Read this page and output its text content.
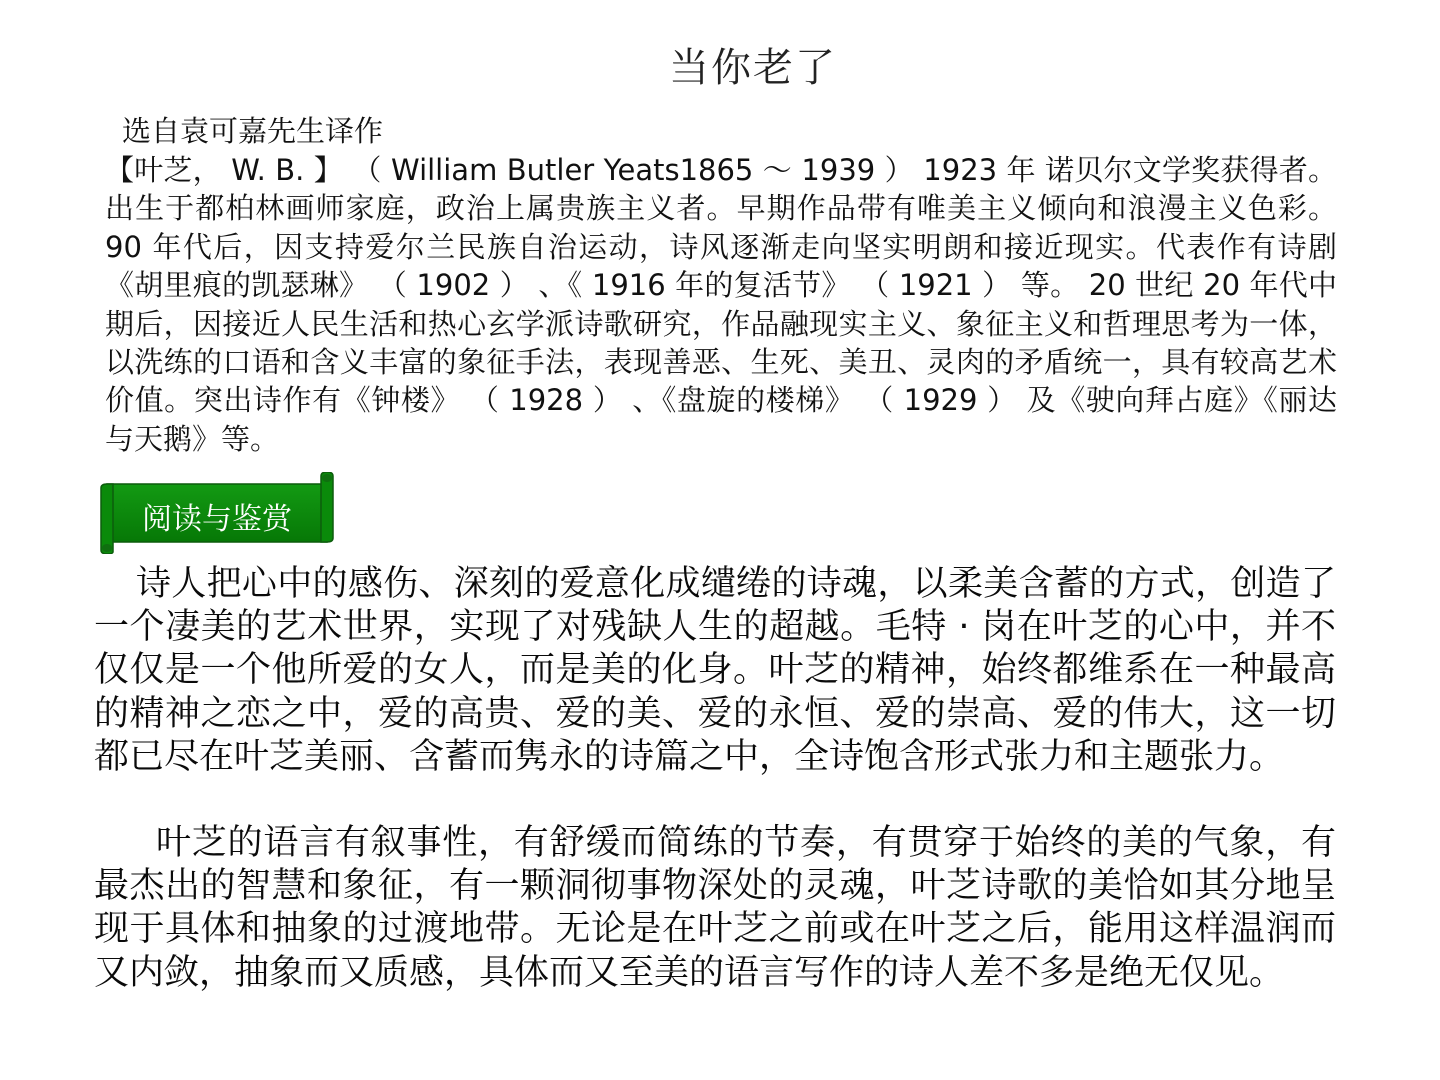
当你老了
选自袁可嘉先生译作
【叶芝， W. B. 】 （ William Butler Yeats1865 ～ 1939 ） 1923 年 诺贝尔文学奖获得者。出生于都柏林画师家庭，政治上属贵族主义者。早期作品带有唯美主义倾向和浪漫主义色彩。 90 年代后，因支持爱尔兰民族自治运动，诗风逐渐走向坚实明朗和接近现实。代表作有诗剧《胡里痕的凯瑟琳》 （ 1902 ） 、《 1916 年的复活节》 （ 1921 ） 等。 20 世纪 20 年代中期后，因接近人民生活和热心玄学派诗歌研究，作品融现实主义、象征主义和哲理思考为一体，以洗练的口语和含义丰富的象征手法，表现善恶、生死、美丑、灵肉的矛盾统一，具有较高艺术价值。突出诗作有《钟楼》 （ 1928 ） 、《盘旋的楼梯》 （ 1929 ） 及《驶向拜占庭》《丽达与天鹅》等。
阅读与鉴赏
诗人把心中的感伤、深刻的爱意化成缱绻的诗魂，以柔美含蓄的方式，创造了一个凄美的艺术世界，实现了对残缺人生的超越。毛特 · 岗在叶芝的心中，并不仅仅是一个他所爱的女人，而是美的化身。叶芝的精神，始终都维系在一种最高的精神之恋之中，爱的高贵、爱的美、爱的永恒、爱的崇高、爱的伟大，这一切都已尽在叶芝美丽、含蓄而隽永的诗篇之中，全诗饱含形式张力和主题张力。
叶芝的语言有叙事性，有舒缓而简练的节奏，有贯穿于始终的美的气象，有最杰出的智慧和象征，有一颗洞彻事物深处的灵魂，叶芝诗歌的美恰如其分地呈现于具体和抽象的过渡地带。无论是在叶芝之前或在叶芝之后，能用这样温润而又内敛，抽象而又质感，具体而又至美的语言写作的诗人差不多是绝无仅见。
